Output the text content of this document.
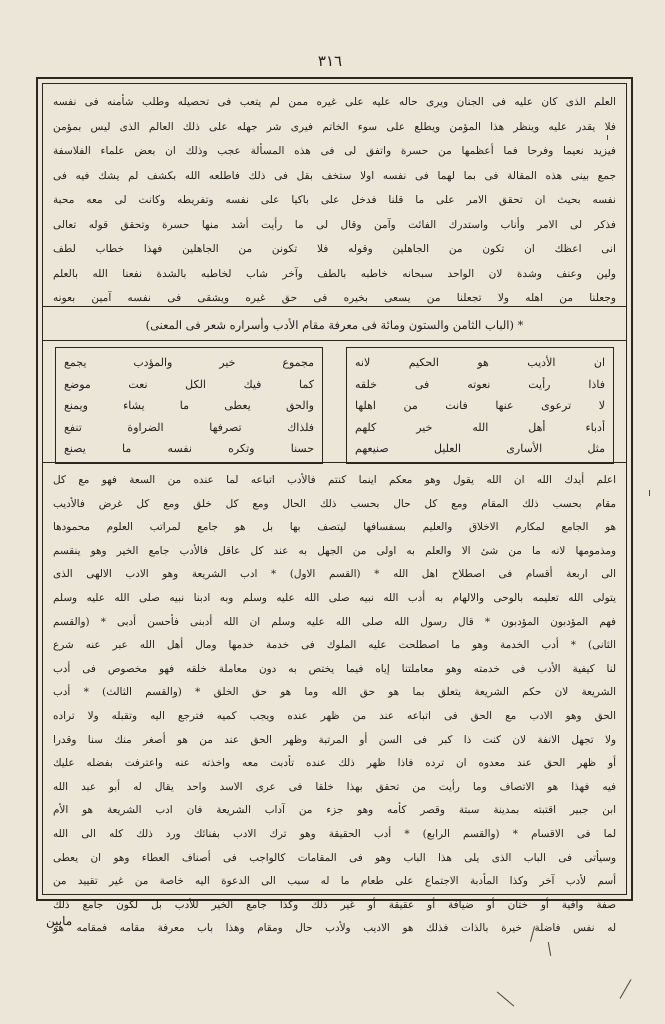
٣١٦
العلم الذى كان عليه فى الجنان ويرى حاله عليه على غيره ممن لم يتعب فى تحصيله وطلب شأمنه فى نفسه
فلا يقدر عليه وينظر هذا المؤمن ويطلع على سوء الخاتم فيرى شر جهله على ذلك العالم الذى ليس بمؤمن
فيزيد نعيما وفرحا فما أعظمها من حسرة واتفق لى فى هذه المسألة عجب وذلك ان بعض علماء الفلاسفة
جمع بينى هذه المقالة فى بما لهما فى نفسه اولا ستخف بقل فى ذلك فاطلعه الله بكشف لم يشك فيه فى
نفسه بحيث ان تحقق الامر على ما قلنا فدخل على باكيا على نفسه وتفريطه وكانت لى معه محبة
فذكر لى الامر وأناب واستدرك الفائت وآمن وقال لى ما رأيت أشد منها حسرة وتحقق قوله تعالى
انى اعظك ان تكون من الجاهلين وقوله فلا تكونن من الجاهلين فهذا خطاب لطف
ولين وعنف وشدة لان الواحد سبحانه خاطبه بالطف وآخر شاب لخاطبه بالشدة نفعنا الله بالعلم
وجعلنا من اهله ولا تجعلنا من يسعى بخيره فى حق غيره ويشقى فى نفسه آمين بعونه
* (الباب الثامن والستون ومائة فى معرفة مقام الأدب وأسراره شعر فى المعنى)
ان الأديب هو الحكيم لانه
فاذا رأيت نعوته فى خلقه
لا ترعوى عنها فانت من اهلها
أدباء أهل الله خير كلهم
مثل الأسارى العليل صنيعهم
مجموع خير والمؤدب يجمع
كما فيك الكل نعت موضع
والحق يعطى ما يشاء ويمنع
فلذاك تصرفها الضراوة تنفع
حسنا وتكره نفسه ما يصنع
اعلم أيدك الله ان الله يقول وهو معكم اينما كنتم فالأدب اتباعه لما عنده من السعة فهو مع كل
مقام بحسب ذلك المقام ومع كل حال بحسب ذلك الحال ومع كل خلق ومع كل غرض فالأديب
هو الجامع لمكارم الاخلاق والعليم بسفسافها ليتصف بها بل هو جامع لمراتب العلوم محمودها
ومذمومها لانه ما من شئ الا والعلم به اولى من الجهل به عند كل عاقل فالأدب جامع الخير وهو ينقسم
الى اربعة أقسام فى اصطلاح اهل الله * (القسم الاول) * ادب الشريعة وهو الادب الالهى الذى
يتولى الله تعليمه بالوحى والالهام به أدب الله نبيه صلى الله عليه وسلم وبه ادبنا نبيه صلى الله عليه وسلم
فهم المؤدبون المؤدبون * قال رسول الله صلى الله عليه وسلم ان الله أدبنى فأحسن أدبى * (والقسم
الثانى) * أدب الخدمة وهو ما اصطلحت عليه الملوك فى خدمة خدمها ومال أهل الله عبر عنه شرع
لنا كيفية الأدب فى خدمته وهو معاملتنا إياه فيما يختص به دون معاملة خلقه فهو مخصوص فى أدب
الشريعة لان حكم الشريعة يتعلق بما هو حق الله وما هو حق الخلق * (والقسم الثالث) * أدب
الحق وهو الادب مع الحق فى اتباعه عند من ظهر عنده ويجب كميه فترجع اليه وتقبله ولا تراده
ولا تجهل الانفة لان كنت ذا كبر فى السن أو المرتبة وظهر الحق عند من هو أصغر منك سنا وقدرا
أو ظهر الحق عند معدوه ان ترده فاذا ظهر ذلك عنده تأدبت معه واخذته عنه واعترفت بفضله عليك
فيه فهذا هو الاتصاف وما رأيت من تحقق بهذا خلقا فى عرى الاسد واحد يقال له أبو عبد الله
ابن جبير اقتبته بمدينة سبتة وقصر كأمه وهو جزء من آداب الشريعة فان ادب الشريعة هو الأم
لما فى الاقسام * (والقسم الرابع) * أدب الحقيقة وهو ترك الادب بفنائك ورد ذلك كله الى الله
وسيأتى فى الباب الذى يلى هذا الباب وهو فى المقامات كالواجب فى أصناف العطاء وهو ان يعطى
أسم لأدب آخر وكذا المأدبة الاجتماع على طعام ما له سبب الى الدعوة اليه خاصة من غير تقييد من
صفة وافية أو ختان أو ضيافة أو عقيقة أو غير ذلك وكذا جامع الخير للأدب بل لكون جامع ذلك
له نفس فاضلة خيرة بالذات فذلك هو الاديب ولأدب حال ومقام وهذا باب معرفة مقامه فمقامه هو
مابين
